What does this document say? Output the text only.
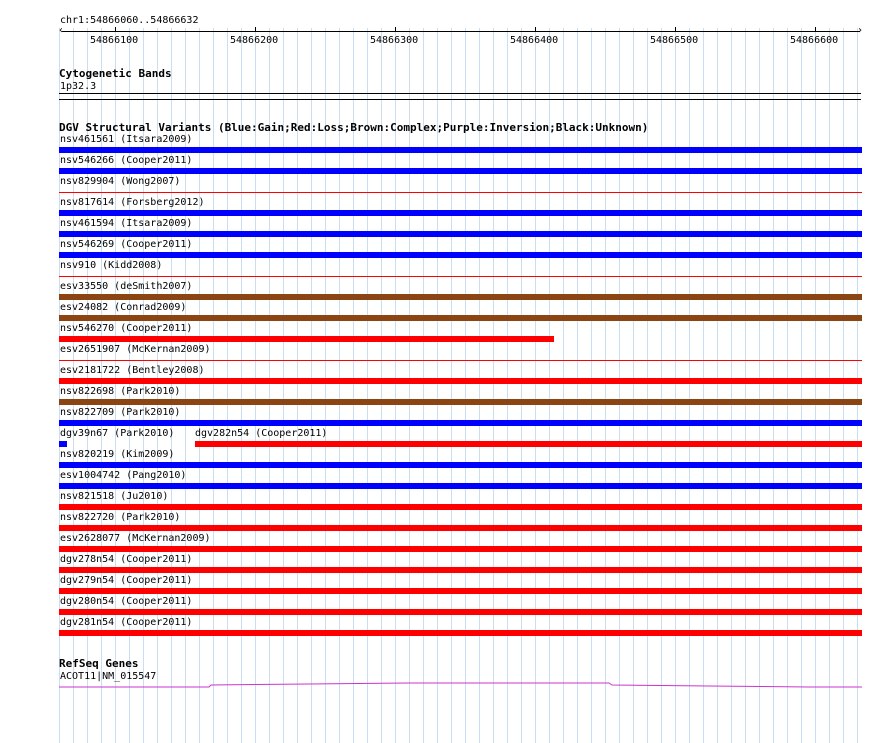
chr1:54866060..54866632
‹	›
54866100	54866200	54866300	54866400	54866500	54866600
Cytogenetic Bands
1p32.3
DGV Structural Variants (Blue:Gain;Red:Loss;Brown:Complex;Purple:Inversion;Black:Unknown)
nsv461561 (Itsara2009)
nsv546266 (Cooper2011)
nsv829904 (Wong2007)
nsv817614 (Forsberg2012)
nsv461594 (Itsara2009)
nsv546269 (Cooper2011)
nsv910 (Kidd2008)
esv33550 (deSmith2007)
esv24082 (Conrad2009)
nsv546270 (Cooper2011)
esv2651907 (McKernan2009)
esv2181722 (Bentley2008)
nsv822698 (Park2010)
nsv822709 (Park2010)
dgv39n67 (Park2010) dgv282n54 (Cooper2011)
nsv820219 (Kim2009)
esv1004742 (Pang2010)
nsv821518 (Ju2010)
nsv822720 (Park2010)
esv2628077 (McKernan2009)
dgv278n54 (Cooper2011)
dgv279n54 (Cooper2011)
dgv280n54 (Cooper2011)
dgv281n54 (Cooper2011)
RefSeq Genes
ACOT11|NM_015547
